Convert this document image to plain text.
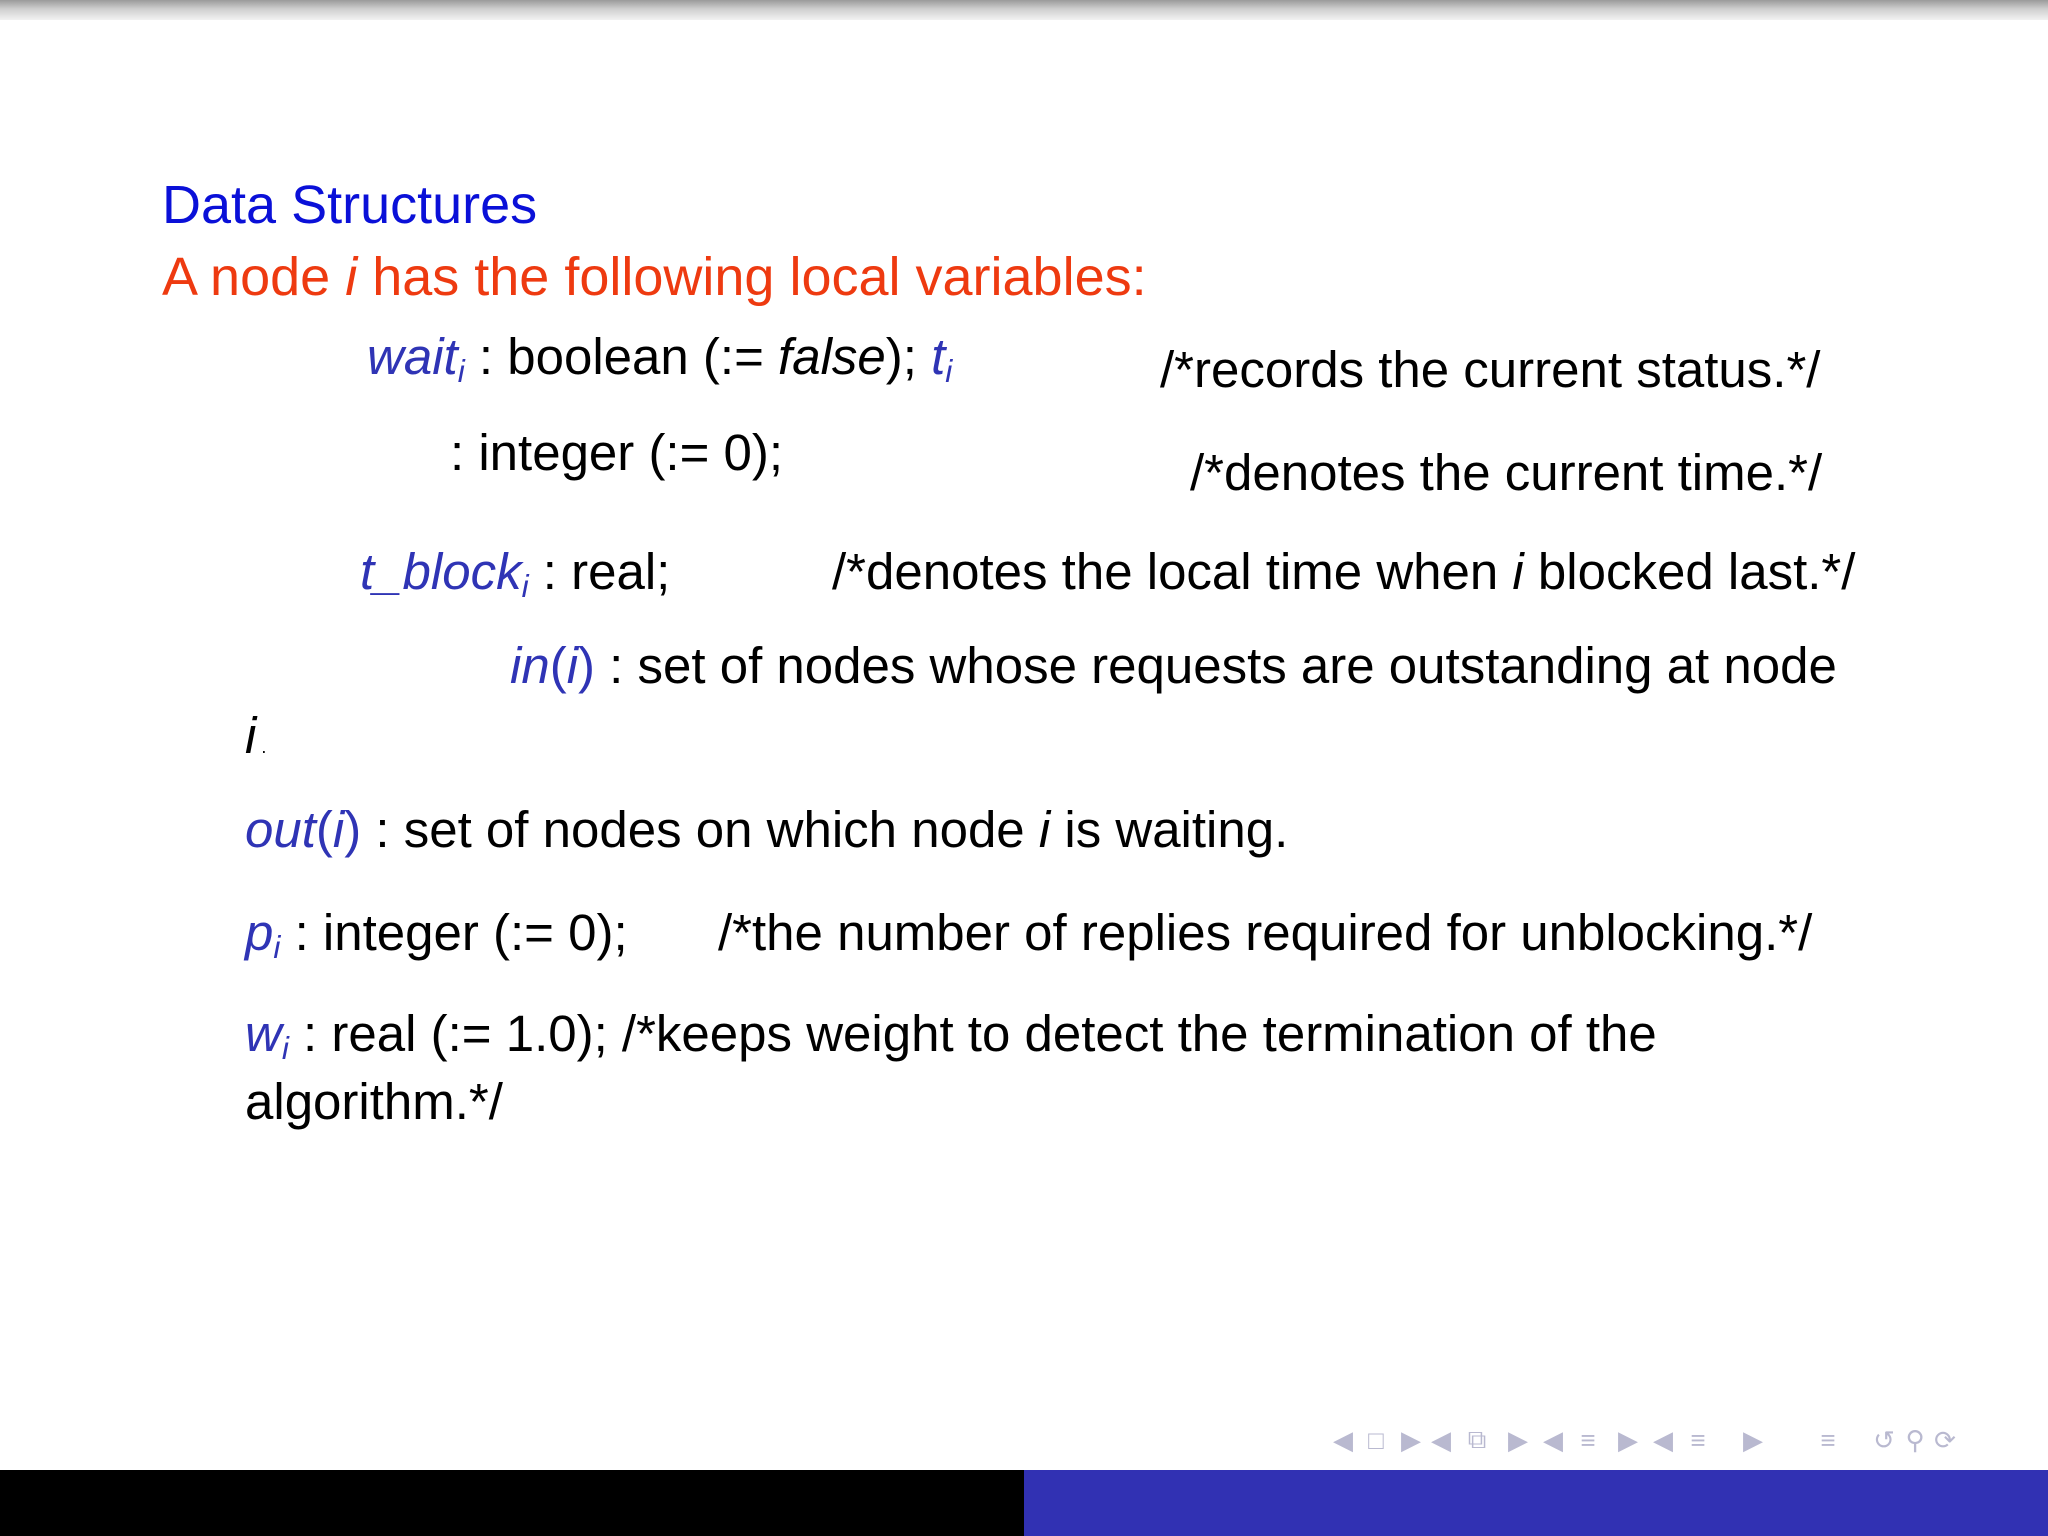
Data Structures
A node i has the following local variables:
wait$_i$ : boolean (:= false); $t_i$	/*records the current status.*/
: integer (:= 0);	/*denotes the current time.*/
t_block$_i$ : real;	/*denotes the local time when i blocked last.*/
in(i) : set of nodes whose requests are outstanding at node
i .
out(i) : set of nodes on which node i is waiting.
$p_i$ : integer (:= 0); /*the number of replies required for unblocking.*/
$w_i$ : real (:= 1.0); /*keeps weight to detect the termination of the
algorithm.*/
◀ □ ▶ ◀ ⧉ ▶ ◀ ≡ ▶ ◀ ≡	▶	≡	↺ ⚲ ⟳
